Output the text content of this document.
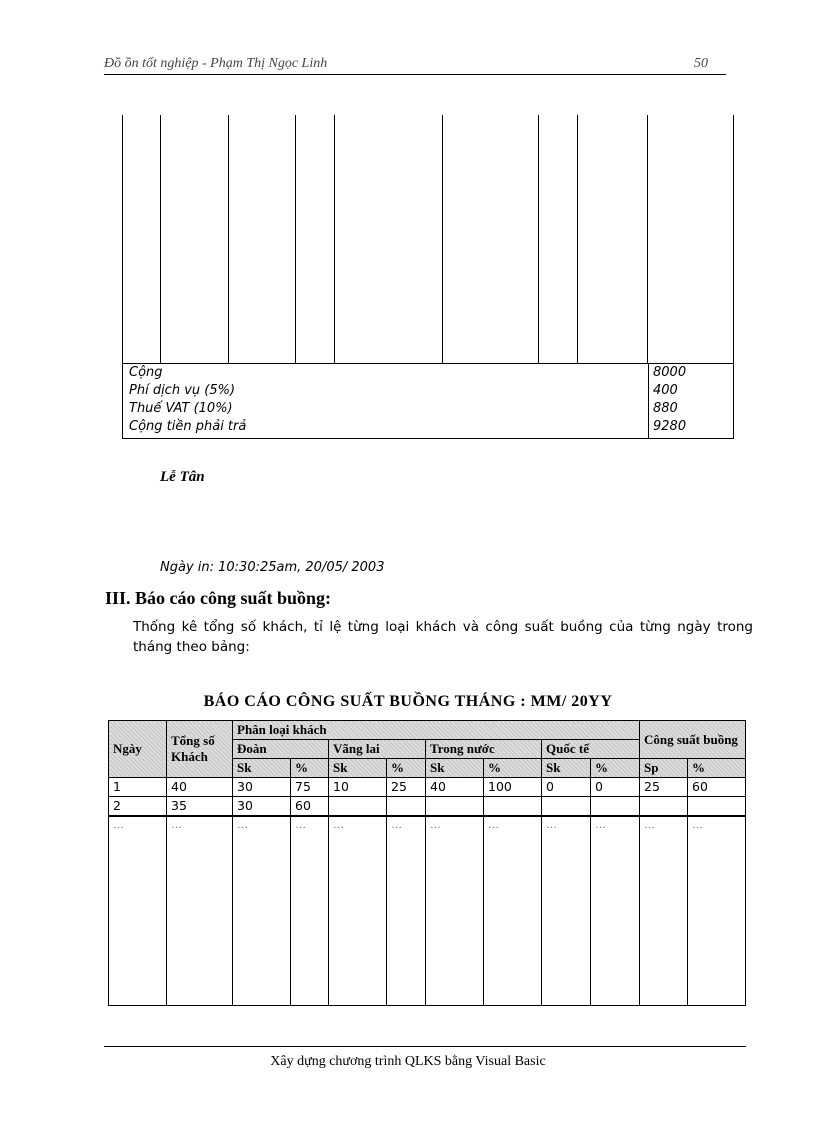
Đồ ồn tốt nghiệp - Phạm Thị Ngọc Linh	50
Cộng	8000
Phí dịch vụ (5%)	400
Thuế VAT (10%)	880
Cộng tiền phải trả	9280
Lễ Tân
Ngày in: 10:30:25am, 20/05/ 2003
III. Báo cáo công suất buồng:
Thống kê tổng số khách, tỉ lệ từng loại khách và công suất buồng của từng ngày trong tháng theo bảng:
BÁO CÁO CÔNG SUẤT BUỒNG THÁNG : MM/ 20YY
Ngày	Tổng số Khách	Phân loại khách								Công suất buồng	
		Đoàn		Vãng lai		Trong nước		Quốc tế			
		Sk	%	Sk	%	Sk	%	Sk	%	Sp	%
1	40	30	75	10	25	40	100	0	0	25	60
2	35	30	60								
…	…	…	…	…	…	…	…	…	…	…	…
Xây dựng chương trình QLKS bằng Visual Basic
